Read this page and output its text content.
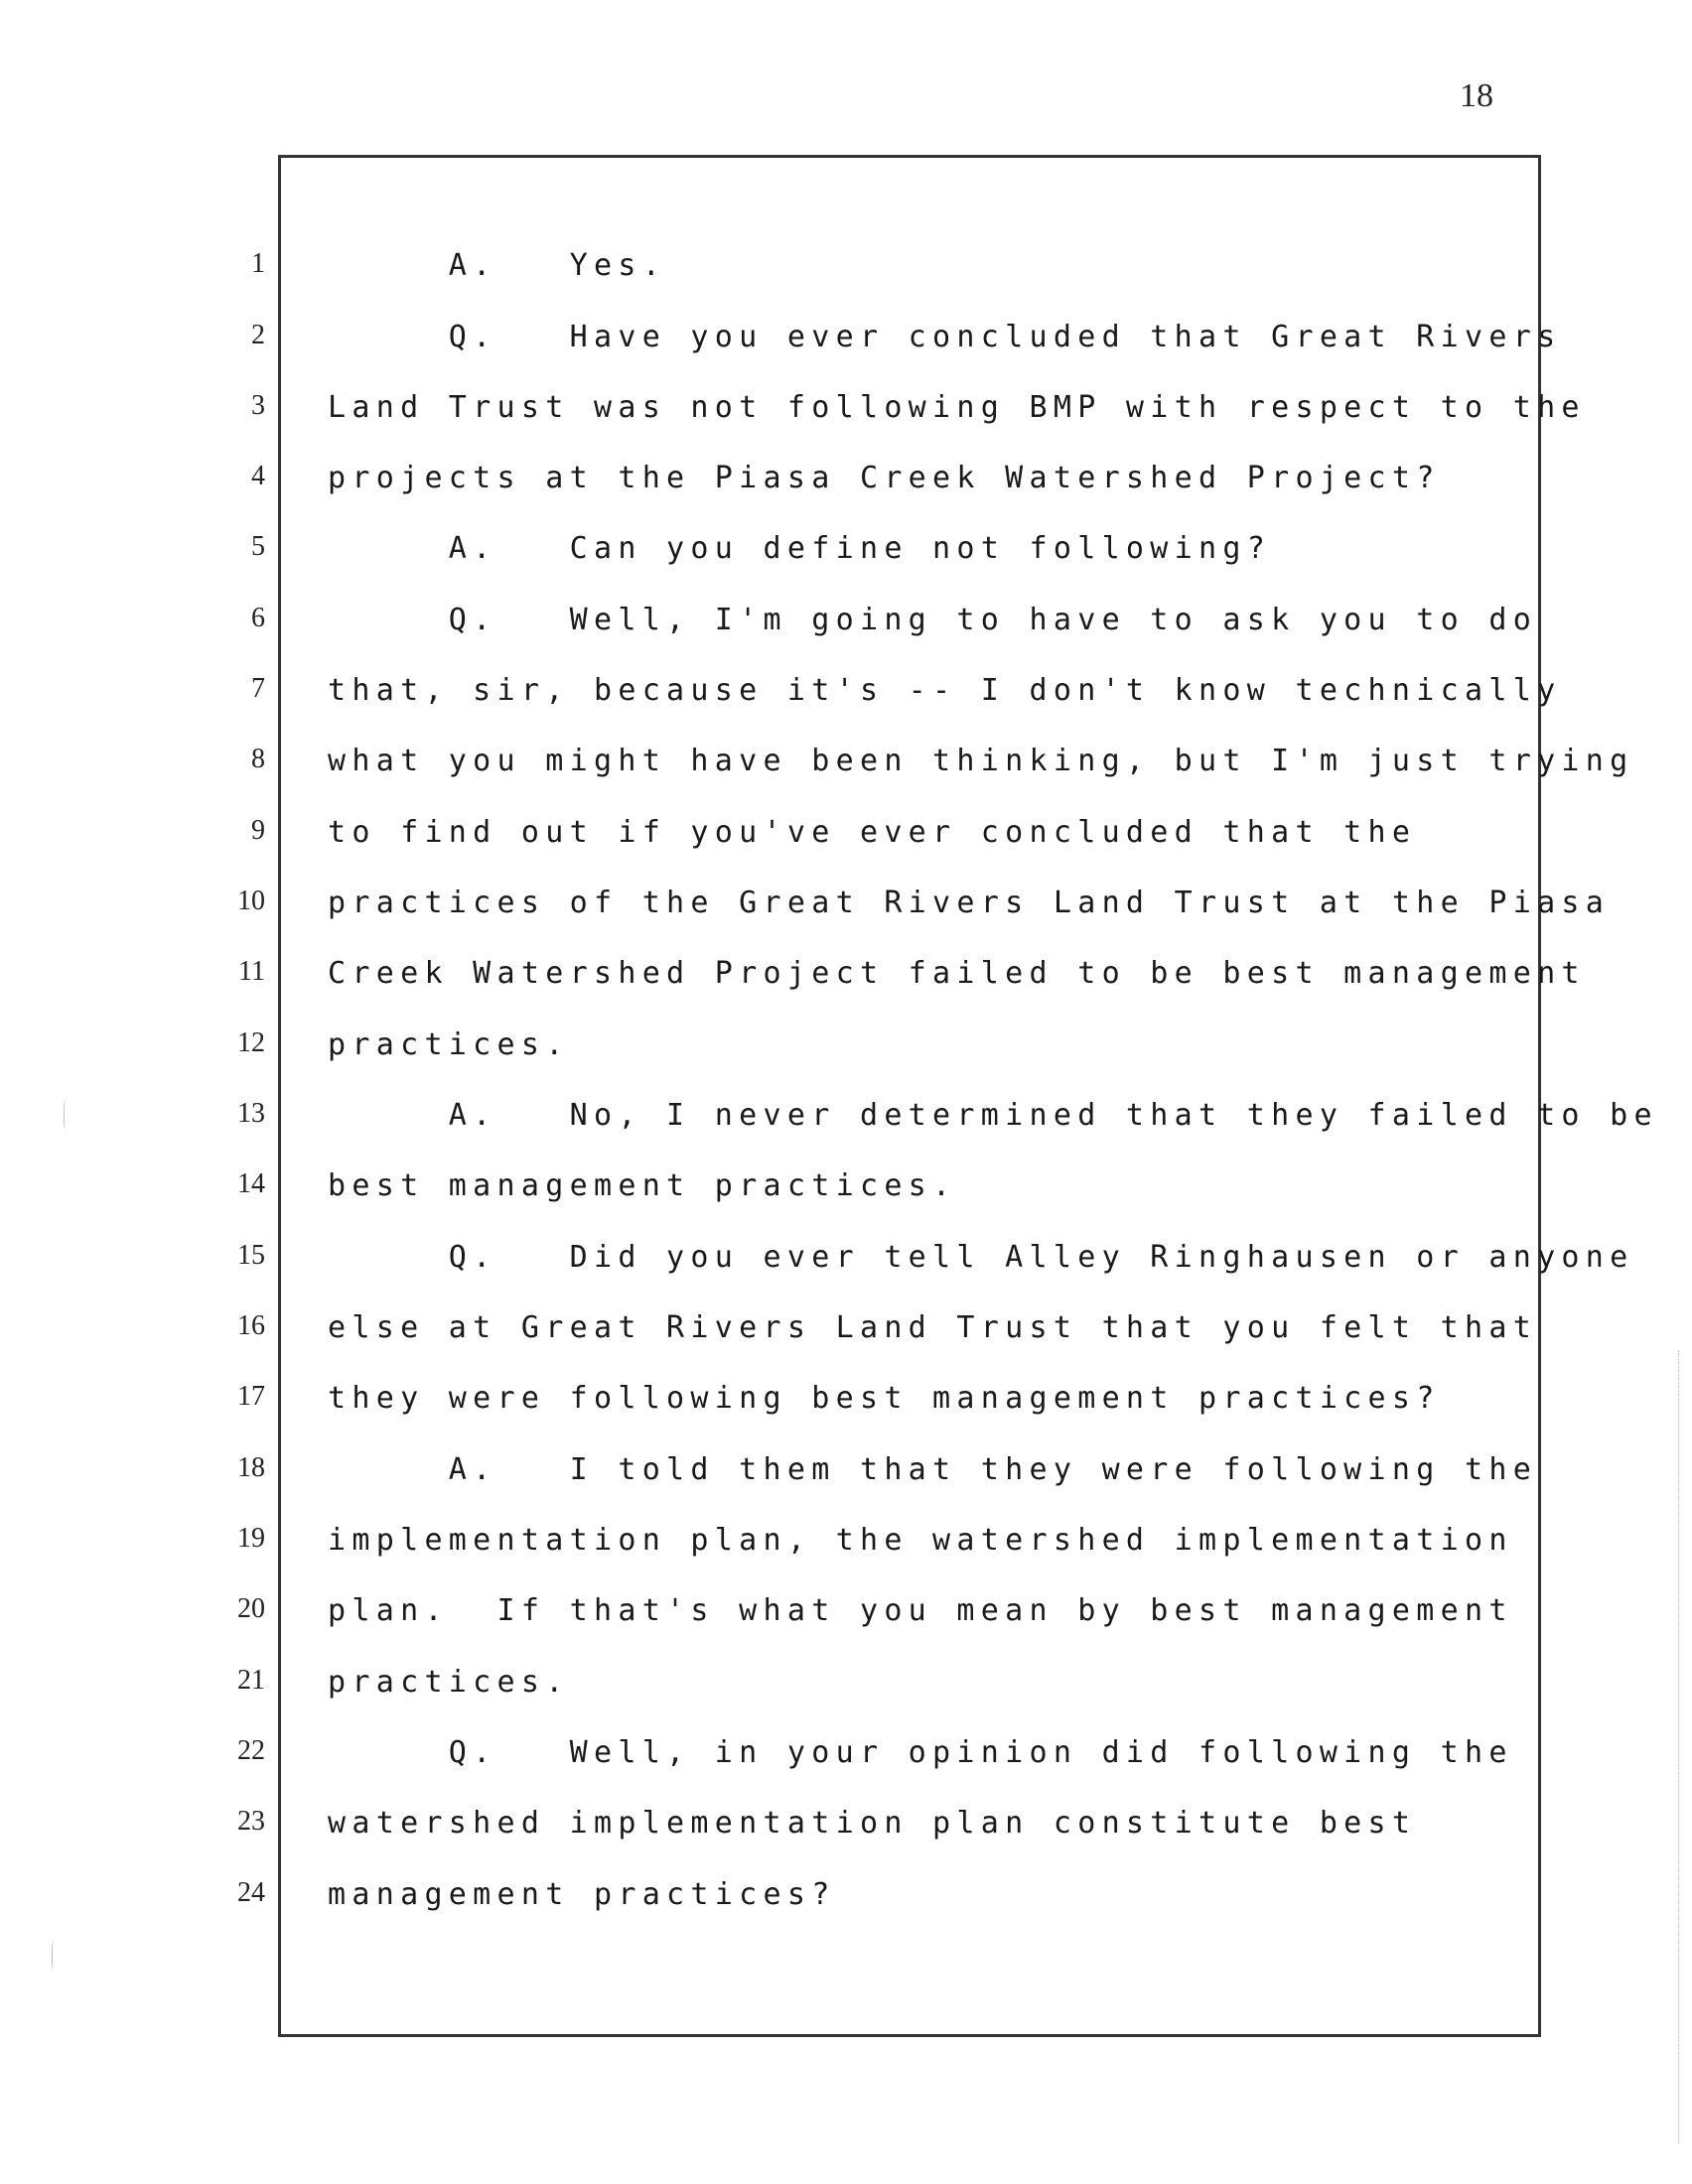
18
1 A.   Yes.
2 Q.   Have you ever concluded that Great Rivers
3 Land Trust was not following BMP with respect to the
4 projects at the Piasa Creek Watershed Project?
5 A.   Can you define not following?
6 Q.   Well, I'm going to have to ask you to do
7 that, sir, because it's -- I don't know technically
8 what you might have been thinking, but I'm just trying
9 to find out if you've ever concluded that the
10 practices of the Great Rivers Land Trust at the Piasa
11 Creek Watershed Project failed to be best management
12 practices.
13 A.   No, I never determined that they failed to be
14 best management practices.
15 Q.   Did you ever tell Alley Ringhausen or anyone
16 else at Great Rivers Land Trust that you felt that
17 they were following best management practices?
18 A.   I told them that they were following the
19 implementation plan, the watershed implementation
20 plan.  If that's what you mean by best management
21 practices.
22 Q.   Well, in your opinion did following the
23 watershed implementation plan constitute best
24 management practices?
